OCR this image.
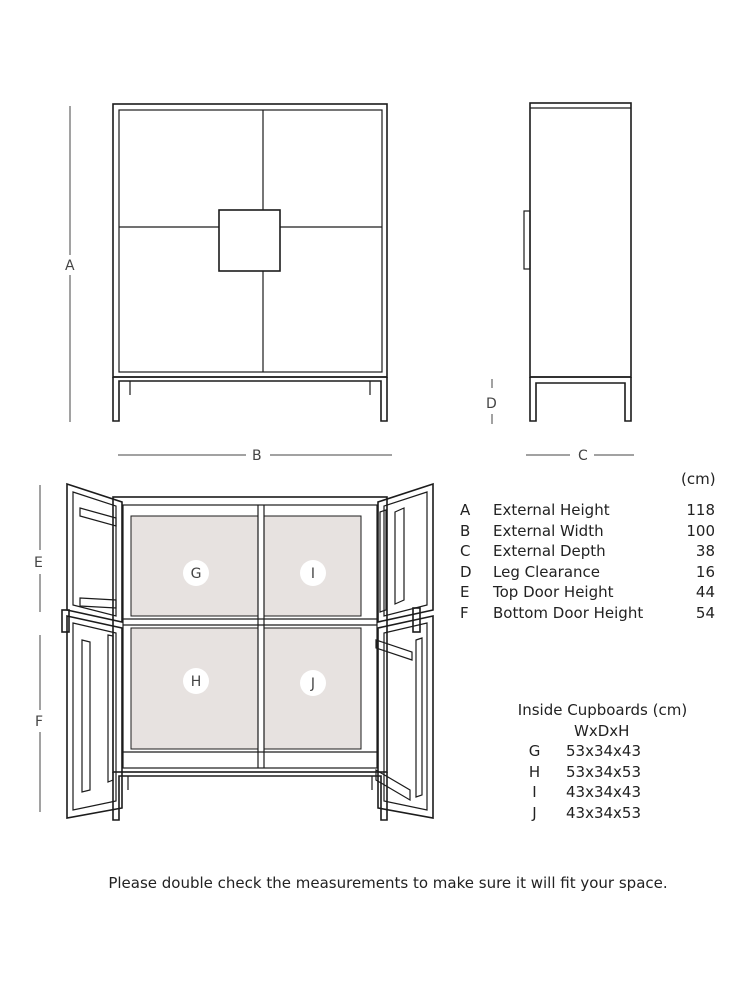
A
B	C
D
E
F
G	I
H	J
(cm)
A	External Height	118
B	External Width	100
C	External Depth	38
D	Leg Clearance	16
E	Top Door Height	44
F	Bottom Door Height	54
Inside Cupboards (cm)
WxDxH
G	53x34x43
H	53x34x53
I	43x34x43
J	43x34x53
Please double check the measurements to make sure it will fit your space.
